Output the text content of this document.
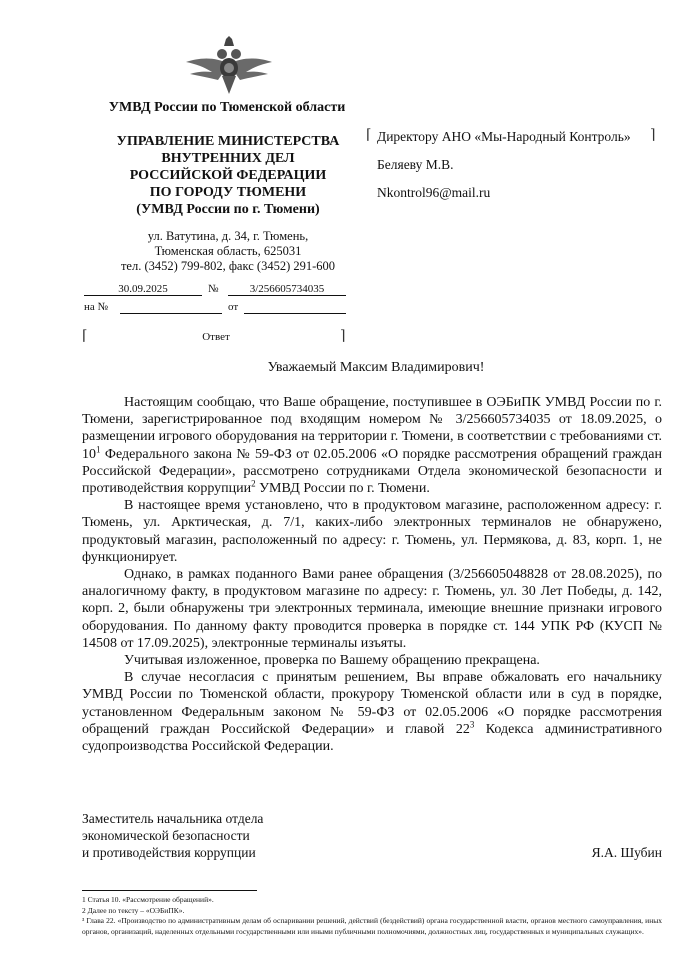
УМВД России по Тюменской области
УПРАВЛЕНИЕ МИНИСТЕРСТВА
ВНУТРЕННИХ ДЕЛ
РОССИЙСКОЙ ФЕДЕРАЦИИ
ПО ГОРОДУ ТЮМЕНИ
(УМВД России по г. Тюмени)
ул. Ватутина, д. 34, г. Тюмень,
Тюменская область, 625031
тел. (3452) 799-802, факс (3452) 291-600
30.09.2025	№	3/256605734035
на №	от
⌈	Ответ	⌉
⌈	⌉

Директору АНО «Мы-Народный Контроль»

Беляеву М.В.

Nkontrol96@mail.ru

Уважаемый Максим Владимирович!

Настоящим сообщаю, что Ваше обращение, поступившее в ОЭБиПК УМВД России по г. Тюмени, зарегистрированное под входящим номером № 3/256605734035 от 18.09.2025, о размещении игрового оборудования на территории г. Тюмени, в соответствии с требованиями ст. $10^1$ Федерального закона № 59-ФЗ от 02.05.2006 «О порядке рассмотрения обращений граждан Российской Федерации», рассмотрено сотрудниками Отдела экономической безопасности и противодействия коррупции$^2$ УМВД России по г. Тюмени.

В настоящее время установлено, что в продуктовом магазине, расположенном адресу: г. Тюмень, ул. Арктическая, д. 7/1, каких-либо электронных терминалов не обнаружено, продуктовый магазин, расположенный по адресу: г. Тюмень, ул. Пермякова, д. 83, корп. 1, не функционирует.

Однако, в рамках поданного Вами ранее обращения (3/256605048828 от 28.08.2025), по аналогичному факту, в продуктовом магазине по адресу: г. Тюмень, ул. 30 Лет Победы, д. 142, корп. 2, были обнаружены три электронных терминала, имеющие внешние признаки игрового оборудования. По данному факту проводится проверка в порядке ст. 144 УПК РФ (КУСП № 14508 от 17.09.2025), электронные терминалы изъяты.

Учитывая изложенное, проверка по Вашему обращению прекращена.

В случае несогласия с принятым решением, Вы вправе обжаловать его начальнику УМВД России по Тюменской области, прокурору Тюменской области или в суд в порядке, установленном Федеральным законом № 59-ФЗ от 02.05.2006 «О порядке рассмотрения обращений граждан Российской Федерации» и главой $22^3$ Кодекса административного судопроизводства Российской Федерации.

Заместитель начальника отдела
экономической безопасности
и противодействия коррупции	Я.А. Шубин
1 Статья 10. «Рассмотрение обращений».
2 Далее по тексту – «ОЭБиПК».
³ Глава 22. «Производство по административным делам об оспаривании решений, действий (бездействий) органа государственной власти, органов местного самоуправления, иных органов, организаций, наделенных отдельными государственными или иными публичными полномочиями, должностных лиц, государственных и муниципальных служащих».
